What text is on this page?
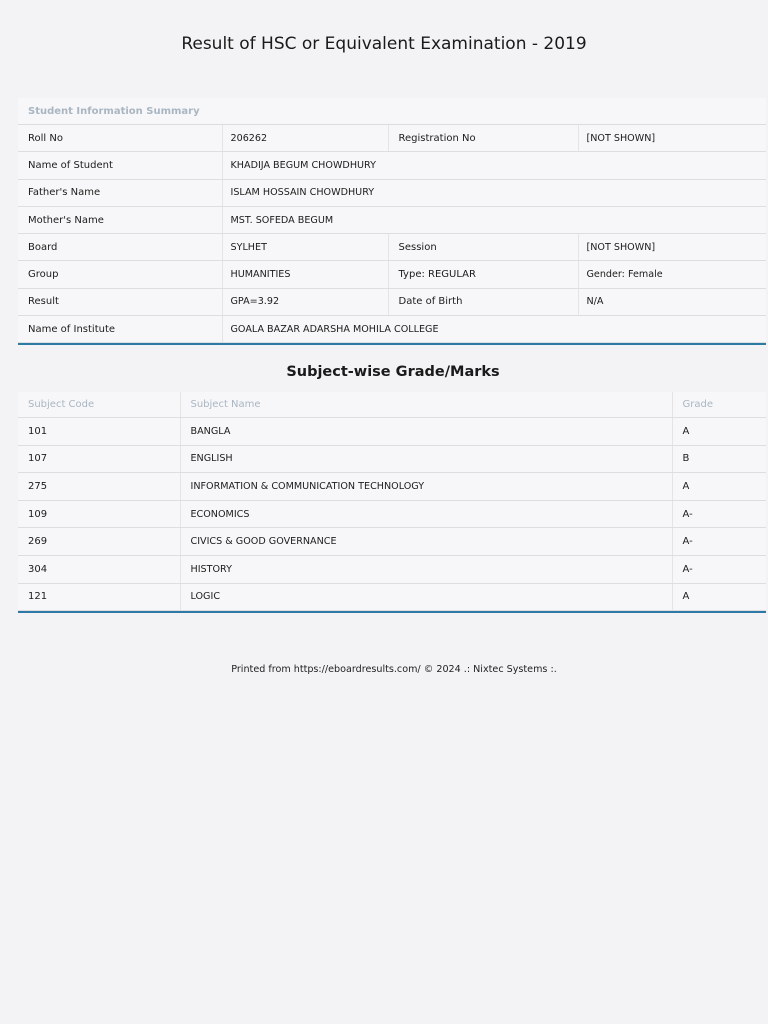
Result of HSC or Equivalent Examination - 2019
Student Information Summary
Roll No	206262	Registration No	[NOT SHOWN]
Name of Student	KHADIJA BEGUM CHOWDHURY		
Father's Name	ISLAM HOSSAIN CHOWDHURY		
Mother's Name	MST. SOFEDA BEGUM		
Board	SYLHET	Session	[NOT SHOWN]
Group	HUMANITIES	Type: REGULAR	Gender: Female
Result	GPA=3.92	Date of Birth	N/A
Name of Institute	GOALA BAZAR ADARSHA MOHILA COLLEGE		
Subject-wise Grade/Marks
Subject Code	Subject Name	Grade
101	BANGLA	A
107	ENGLISH	B
275	INFORMATION & COMMUNICATION TECHNOLOGY	A
109	ECONOMICS	A-
269	CIVICS & GOOD GOVERNANCE	A-
304	HISTORY	A-
121	LOGIC	A
Printed from https://eboardresults.com/ © 2024 .: Nixtec Systems :.
